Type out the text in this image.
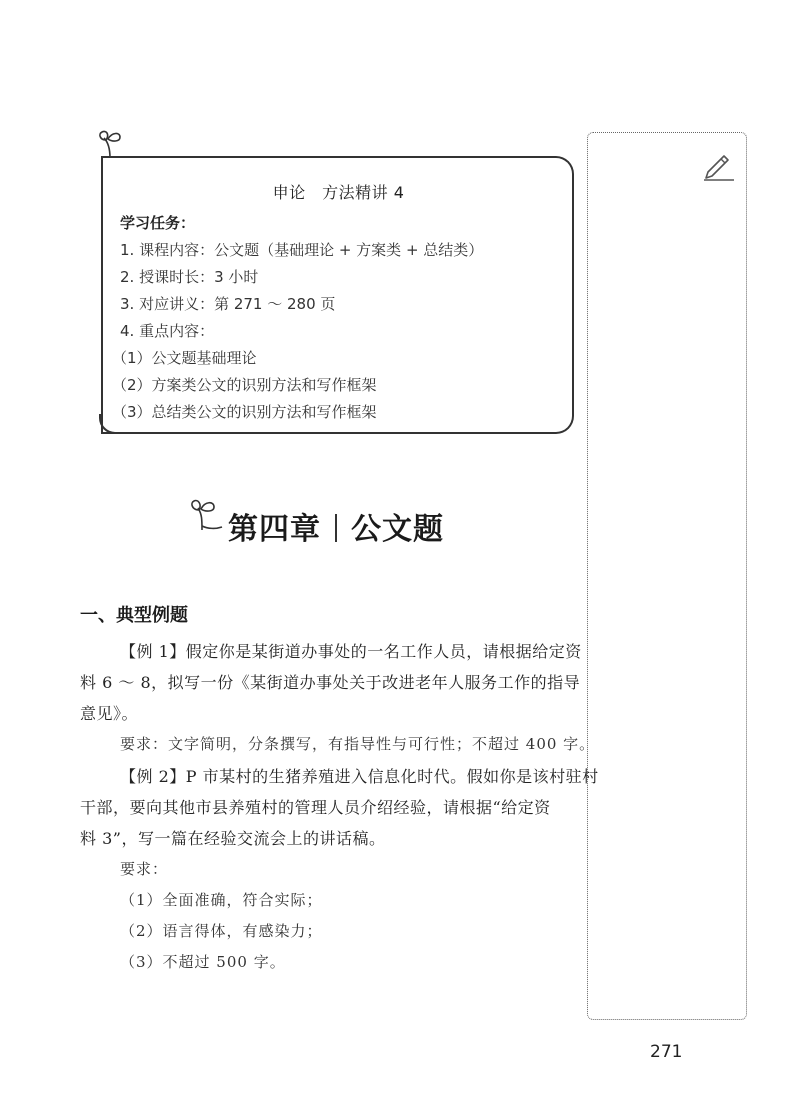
申论　方法精讲 4
学习任务：
1. 课程内容：公文题（基础理论 + 方案类 + 总结类）
2. 授课时长：3 小时
3. 对应讲义：第 271 ～ 280 页
4. 重点内容：
（1）公文题基础理论
（2）方案类公文的识别方法和写作框架
（3）总结类公文的识别方法和写作框架
第四章 公文题
一、典型例题
【例 1】假定你是某街道办事处的一名工作人员，请根据给定资
料 6 ～ 8，拟写一份《某街道办事处关于改进老年人服务工作的指导
意见》。
要求：文字简明，分条撰写，有指导性与可行性；不超过 400 字。
【例 2】P 市某村的生猪养殖进入信息化时代。假如你是该村驻村
干部，要向其他市县养殖村的管理人员介绍经验，请根据“给定资
料 3”，写一篇在经验交流会上的讲话稿。
要求：
（1）全面准确，符合实际；
（2）语言得体，有感染力；
（3）不超过 500 字。
271
